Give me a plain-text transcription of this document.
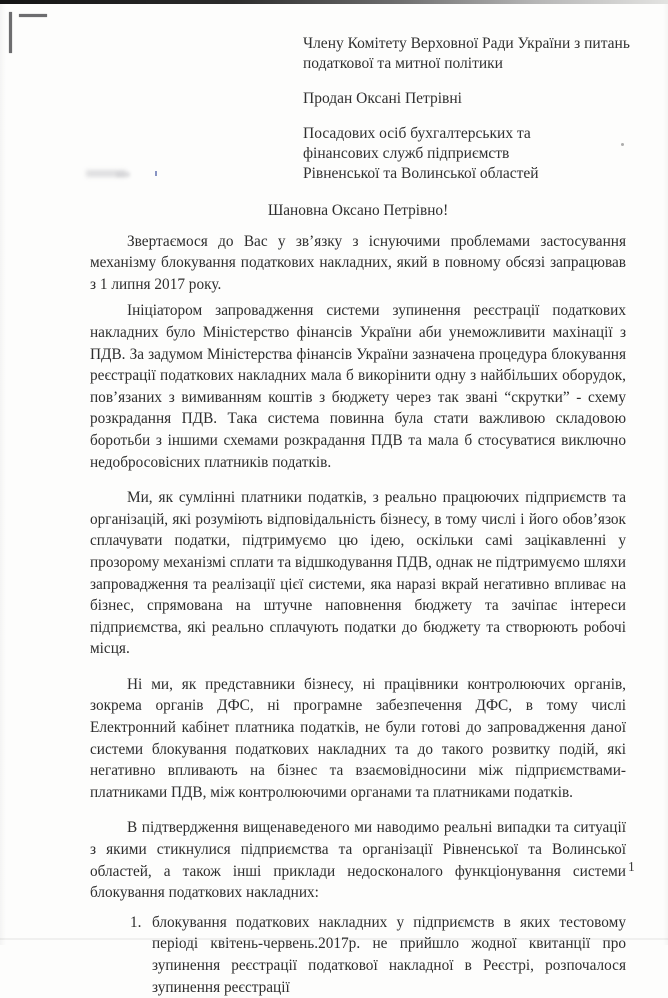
Члену Комітету Верховної Ради України з питань
податкової та митної політики
Продан Оксані Петрівні
Посадових осіб бухгалтерських та
фінансових служб підприємств
Рівненської та Волинської областей
Шановна Оксано Петрівно!

Звертаємося до Вас у зв’язку з існуючими проблемами застосування механізму блокування податкових накладних, який в повному обсязі запрацював з 1 липня 2017 року.

Ініціатором запровадження системи зупинення реєстрації податкових накладних було Міністерство фінансів України аби унеможливити махінації з ПДВ. За задумом Міністерства фінансів України зазначена процедура блокування реєстрації податкових накладних мала б викорінити одну з найбільших оборудок, пов’язаних з вимиванням коштів з бюджету через так звані “скрутки” - схему розкрадання ПДВ. Така система повинна була стати важливою складовою боротьби з іншими схемами розкрадання ПДВ та мала б стосуватися виключно недобросовісних платників податків.

Ми, як сумлінні платники податків, з реально працюючих підприємств та організацій, які розуміють відповідальність бізнесу, в тому числі і його обов’язок сплачувати податки, підтримуємо цю ідею, оскільки самі зацікавленні у прозорому механізмі сплати та відшкодування ПДВ, однак не підтримуємо шляхи запровадження та реалізації цієї системи, яка наразі вкрай негативно впливає на бізнес, спрямована на штучне наповнення бюджету та зачіпає інтереси підприємства, які реально сплачують податки до бюджету та створюють робочі місця.

Ні ми, як представники бізнесу, ні працівники контролюючих органів, зокрема органів ДФС, ні програмне забезпечення ДФС, в тому числі Електронний кабінет платника податків, не були готові до запровадження даної системи блокування податкових накладних та до такого розвитку подій, які негативно впливають на бізнес та взаємовідносини між підприємствами-платниками ПДВ, між контролюючими органами та платниками податків.

В підтвердження вищенаведеного ми наводимо реальні випадки та ситуації з якими стикнулися підприємства та організації Рівненської та Волинської областей, а також інші приклади недосконалого функціонування системи блокування податкових накладних:

1. блокування податкових накладних у підприємств в яких тестовому періоді квітень-червень.2017р. не прийшло жодної квитанції про зупинення реєстрації податкової накладної в Реєстрі, розпочалося зупинення реєстрації
1
